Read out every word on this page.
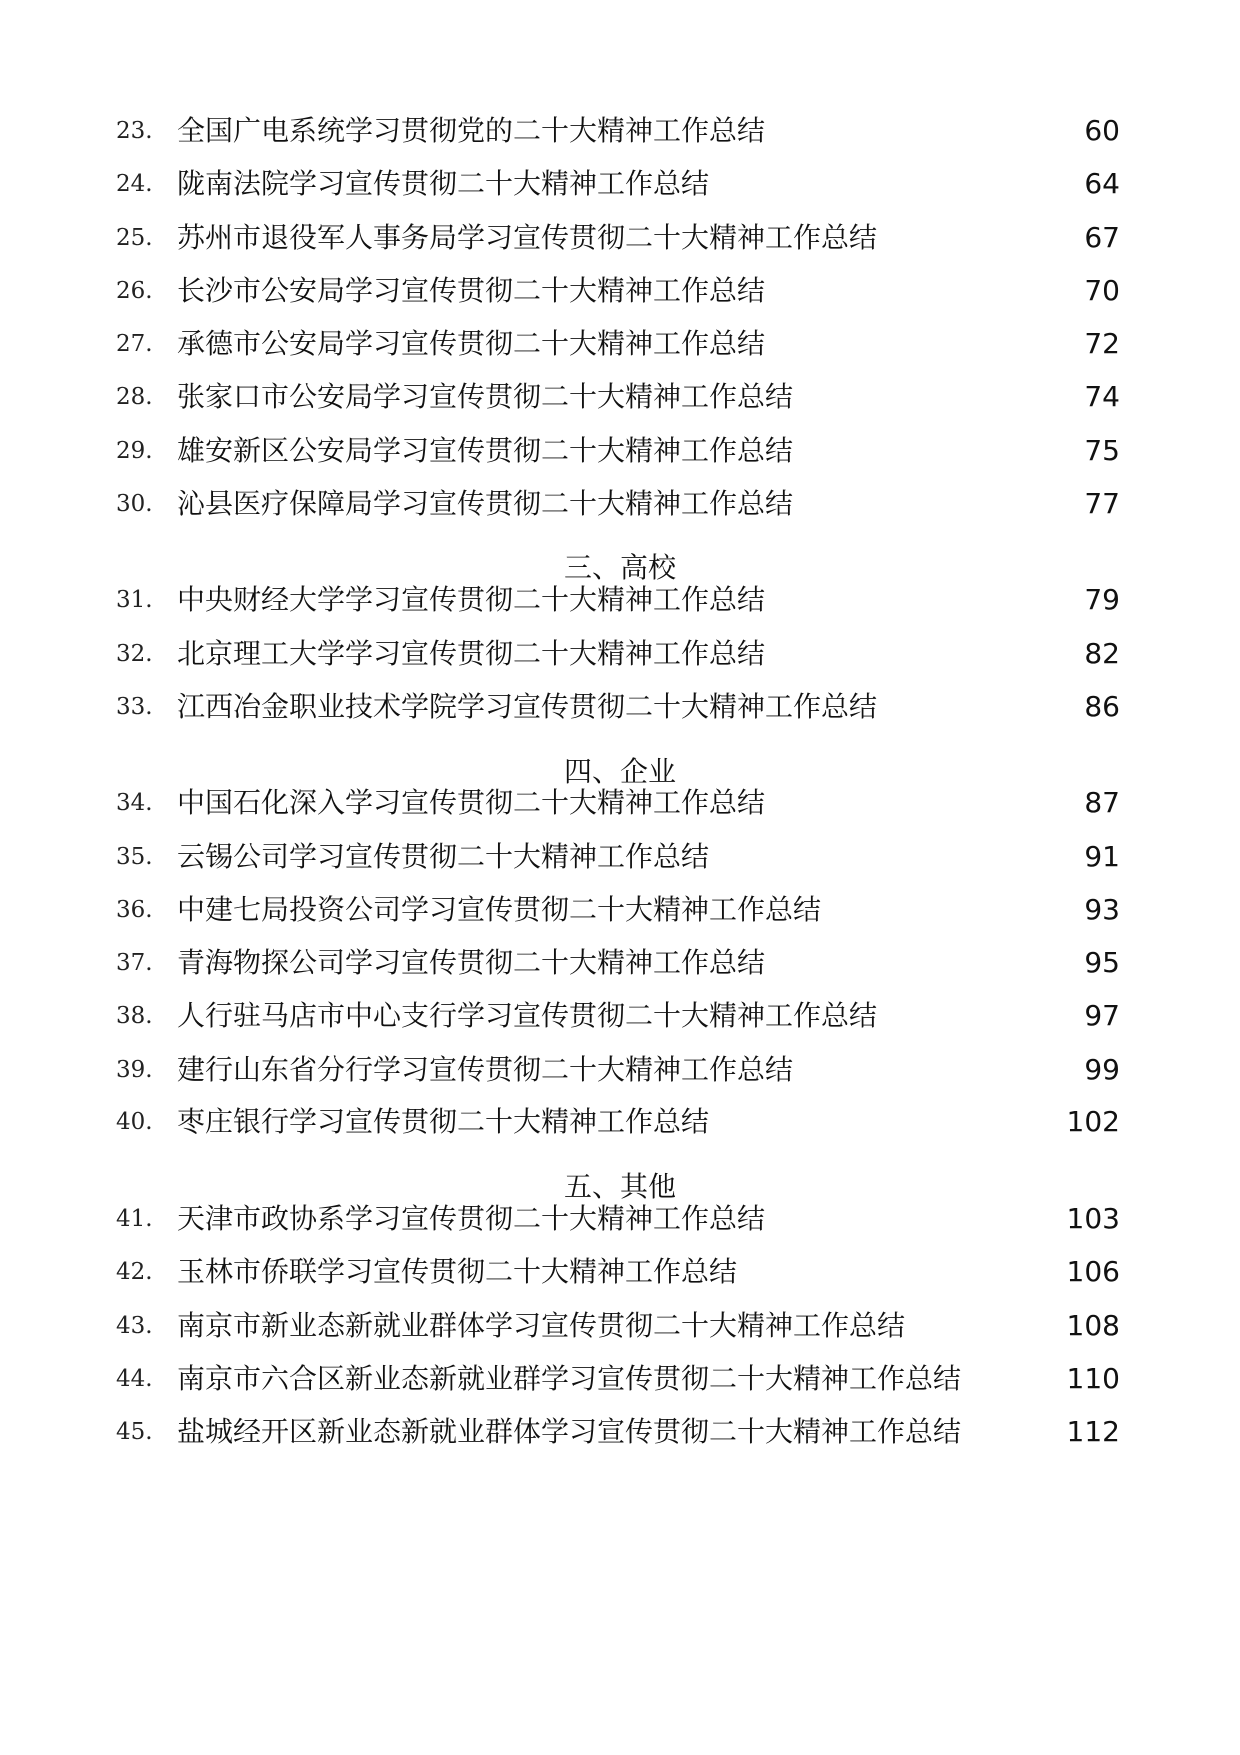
23. 全国广电系统学习贯彻党的二十大精神工作总结	60
24. 陇南法院学习宣传贯彻二十大精神工作总结	64
25. 苏州市退役军人事务局学习宣传贯彻二十大精神工作总结	67
26. 长沙市公安局学习宣传贯彻二十大精神工作总结	70
27. 承德市公安局学习宣传贯彻二十大精神工作总结	72
28. 张家口市公安局学习宣传贯彻二十大精神工作总结	74
29. 雄安新区公安局学习宣传贯彻二十大精神工作总结	75
30. 沁县医疗保障局学习宣传贯彻二十大精神工作总结	77
三、高校
31. 中央财经大学学习宣传贯彻二十大精神工作总结	79
32. 北京理工大学学习宣传贯彻二十大精神工作总结	82
33. 江西冶金职业技术学院学习宣传贯彻二十大精神工作总结	86
四、企业
34. 中国石化深入学习宣传贯彻二十大精神工作总结	87
35. 云锡公司学习宣传贯彻二十大精神工作总结	91
36. 中建七局投资公司学习宣传贯彻二十大精神工作总结	93
37. 青海物探公司学习宣传贯彻二十大精神工作总结	95
38. 人行驻马店市中心支行学习宣传贯彻二十大精神工作总结	97
39. 建行山东省分行学习宣传贯彻二十大精神工作总结	99
40. 枣庄银行学习宣传贯彻二十大精神工作总结	102
五、其他
41. 天津市政协系学习宣传贯彻二十大精神工作总结	103
42. 玉林市侨联学习宣传贯彻二十大精神工作总结	106
43. 南京市新业态新就业群体学习宣传贯彻二十大精神工作总结	108
44. 南京市六合区新业态新就业群学习宣传贯彻二十大精神工作总结	110
45. 盐城经开区新业态新就业群体学习宣传贯彻二十大精神工作总结	112
